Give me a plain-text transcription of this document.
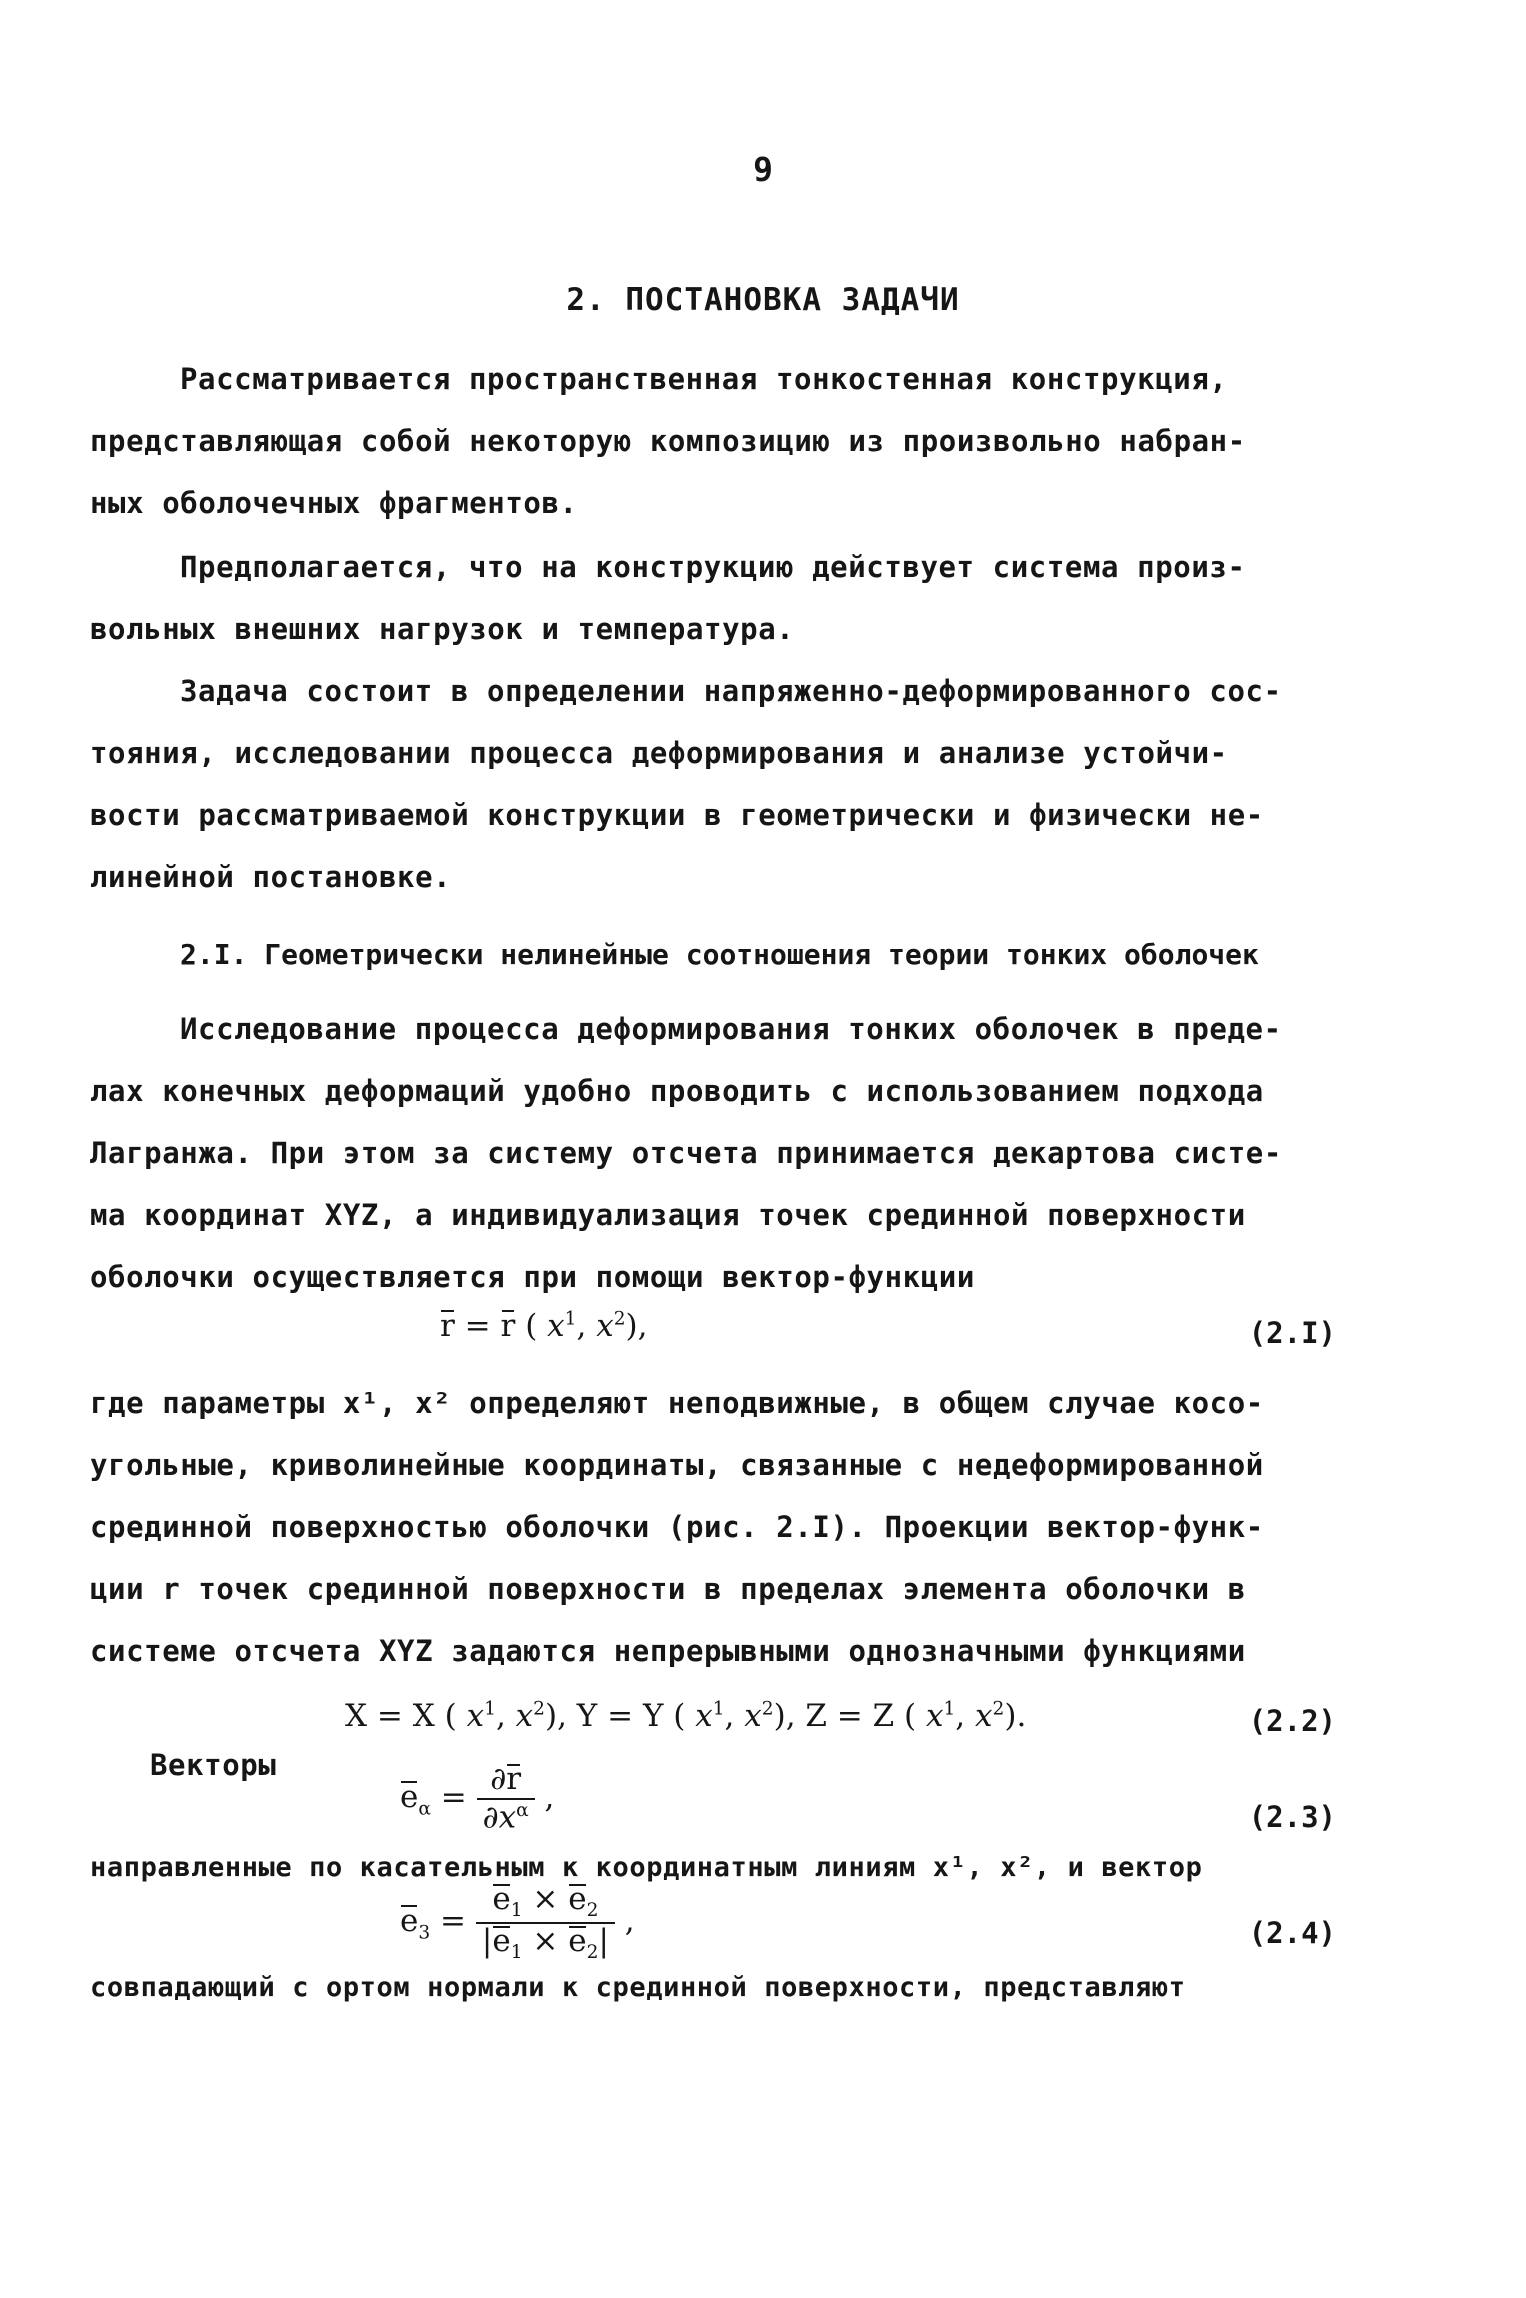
9
2. ПОСТАНОВКА ЗАДАЧИ
Рассматривается пространственная тонкостенная конструкция,
представляющая собой некоторую композицию из произвольно набран-
ных оболочечных фрагментов.
Предполагается, что на конструкцию действует система произ-
вольных внешних нагрузок и температура.
Задача состоит в определении напряженно-деформированного сос-
тояния, исследовании процесса деформирования и анализе устойчи-
вости рассматриваемой конструкции в геометрически и физически не-
линейной постановке.
2.I. Геометрически нелинейные соотношения теории тонких оболочек
Исследование процесса деформирования тонких оболочек в преде-
лах конечных деформаций удобно проводить с использованием подхода
Лагранжа. При этом за систему отсчета принимается декартова систе-
ма координат XYZ, а индивидуализация точек срединной поверхности
оболочки осуществляется при помощи вектор-функции
r = r ( $x^1$, $x^2$),	(2.I)
где параметры x¹, x² определяют неподвижные, в общем случае косо-
угольные, криволинейные координаты, связанные с недеформированной
срединной поверхностью оболочки (рис. 2.I). Проекции вектор-функ-
ции r точек срединной поверхности в пределах элемента оболочки в
системе отсчета XYZ задаются непрерывными однозначными функциями
X = X ( $x^1$, $x^2$), Y = Y ( $x^1$, $x^2$), Z = Z ( $x^1$, $x^2$).	(2.2)
Векторы
$e_\alpha = \frac{\partial r}{\partial x^\alpha}$ ,
(2.3)
направленные по касательным к координатным линиям x¹, x², и вектор
$e_3 = \frac{e_1 \times e_2}{|e_1 \times e_2|}$ ,	(2.4)
совпадающий с ортом нормали к срединной поверхности, представляют
